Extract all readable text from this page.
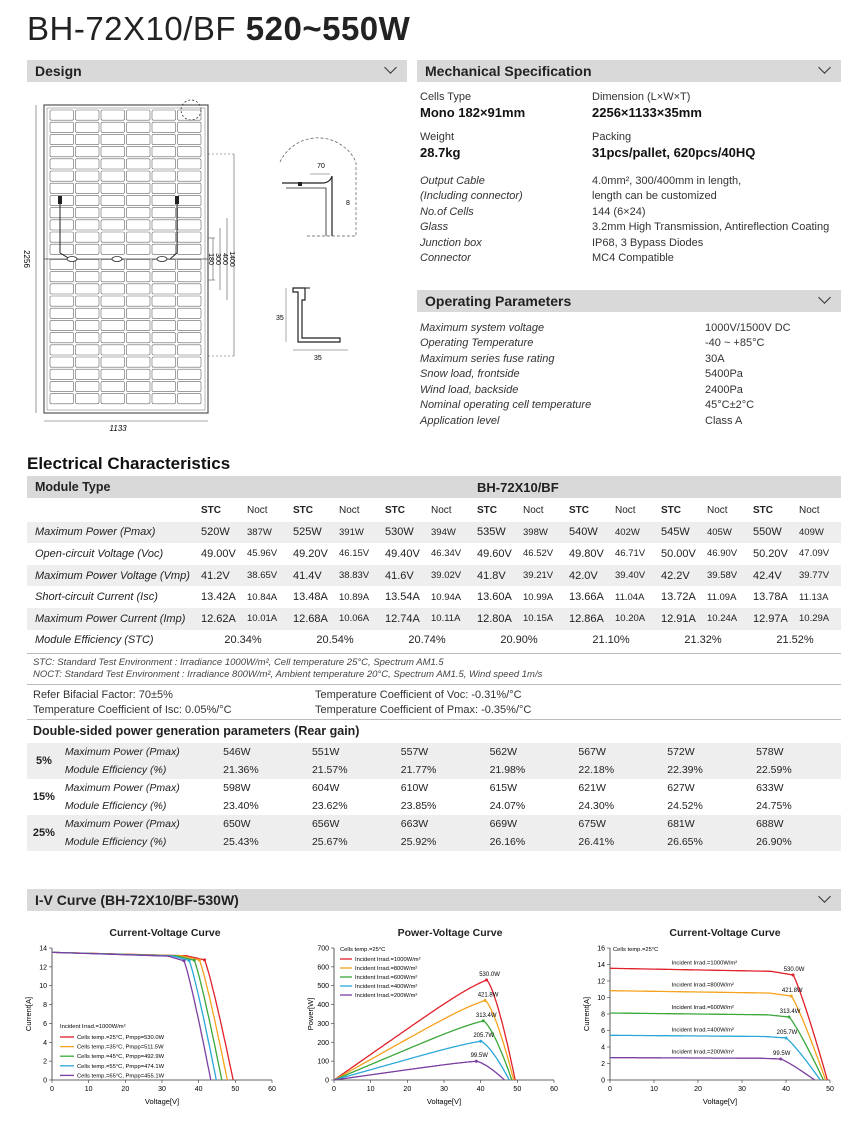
BH-72X10/BF 520~550W
Design
2256
1133
180 300 400 1400
70
8
35
35
Mechanical Specification
Cells Type
Mono 182×91mm
Dimension (L×W×T)
2256×1133×35mm
Weight
28.7kg
Packing
31pcs/pallet, 620pcs/40HQ
Output Cable	4.0mm², 300/400mm in length,
(Including connector)	length can be customized
No.of Cells	144 (6×24)
Glass	3.2mm High Transmission, Antireflection Coating
Junction box	IP68, 3 Bypass Diodes
Connector	MC4 Compatible
Operating Parameters
Maximum system voltage	1000V/1500V DC
Operating Temperature	-40 ~ +85°C
Maximum series fuse rating	30A
Snow load, frontside	5400Pa
Wind load, backside	2400Pa
Nominal operating cell temperature	45°C±2°C
Application level	Class A
Electrical Characteristics
Module Type	BH-72X10/BF
	STC	Noct	STC	Noct	STC	Noct	STC	Noct	STC	Noct	STC	Noct	STC	Noct
Maximum Power (Pmax)	520W	387W	525W	391W	530W	394W	535W	398W	540W	402W	545W	405W	550W	409W
Open-circuit Voltage (Voc)	49.00V	45.96V	49.20V	46.15V	49.40V	46.34V	49.60V	46.52V	49.80V	46.71V	50.00V	46.90V	50.20V	47.09V
Maximum Power Voltage (Vmp)	41.2V	38.65V	41.4V	38.83V	41.6V	39.02V	41.8V	39.21V	42.0V	39.40V	42.2V	39.58V	42.4V	39.77V
Short-circuit Current (Isc)	13.42A	10.84A	13.48A	10.89A	13.54A	10.94A	13.60A	10.99A	13.66A	11.04A	13.72A	11.09A	13.78A	11.13A
Maximum Power Current (Imp)	12.62A	10.01A	12.68A	10.06A	12.74A	10.11A	12.80A	10.15A	12.86A	10.20A	12.91A	10.24A	12.97A	10.29A
Module Efficiency (STC)	20.34%		20.54%		20.74%		20.90%		21.10%		21.32%		21.52%	
STC: Standard Test Environment : Irradiance 1000W/m², Cell temperature 25°C, Spectrum AM1.5
NOCT: Standard Test Environment : Irradiance 800W/m², Ambient temperature 20°C, Spectrum AM1.5, Wind speed 1m/s
Refer Bifacial Factor: 70±5%	Temperature Coefficient of Voc: -0.31%/°C
Temperature Coefficient of Isc: 0.05%/°C	Temperature Coefficient of Pmax: -0.35%/°C
Double-sided power generation parameters (Rear gain)
5%	Maximum Power (Pmax)	546W	551W	557W	562W	567W	572W	578W
	Module Efficiency (%)	21.36%	21.57%	21.77%	21.98%	22.18%	22.39%	22.59%
15%	Maximum Power (Pmax)	598W	604W	610W	615W	621W	627W	633W
	Module Efficiency (%)	23.40%	23.62%	23.85%	24.07%	24.30%	24.52%	24.75%
25%	Maximum Power (Pmax)	650W	656W	663W	669W	675W	681W	688W
	Module Efficiency (%)	25.43%	25.67%	25.92%	26.16%	26.41%	26.65%	26.90%
I-V Curve (BH-72X10/BF-530W)
Current-Voltage Curve	Power-Voltage Curve	Current-Voltage Curve
0	10	20	30	40	50	60
0
2
4
6
8
10
12
14
Voltage[V]
Current[A]	Incident Irrad.=1000W/m²
Cells temp.=25°C, Pmpp=530.0W
Cells temp.=35°C, Pmpp=511.5W
Cells temp.=45°C, Pmpp=492.9W
Cells temp.=55°C, Pmpp=474.1W
Cells temp.=65°C, Pmpp=455.1W
0	10	20	30	40	50	60
0
100
200
300
400
500
600
700
Voltage[V]
Power[W]
530.0W
421.8W
313.4W
205.7W
99.5W
Cells temp.=25°C
Incident Irrad.=1000W/m²
Incident Irrad.=800W/m²
Incident Irrad.=600W/m²
Incident Irrad.=400W/m²
Incident Irrad.=200W/m²
0	10	20	30	40	50
0
2
4
6
8
10
12
14
16
Voltage[V]
Current[A]
530.0W
Incident Irrad.=1000W/m²
421.8W
Incident Irrad.=800W/m²
313.4W
Incident Irrad.=600W/m²
205.7W
Incident Irrad.=400W/m²
99.5W
Incident Irrad.=200W/m²
Cells temp.=25°C
